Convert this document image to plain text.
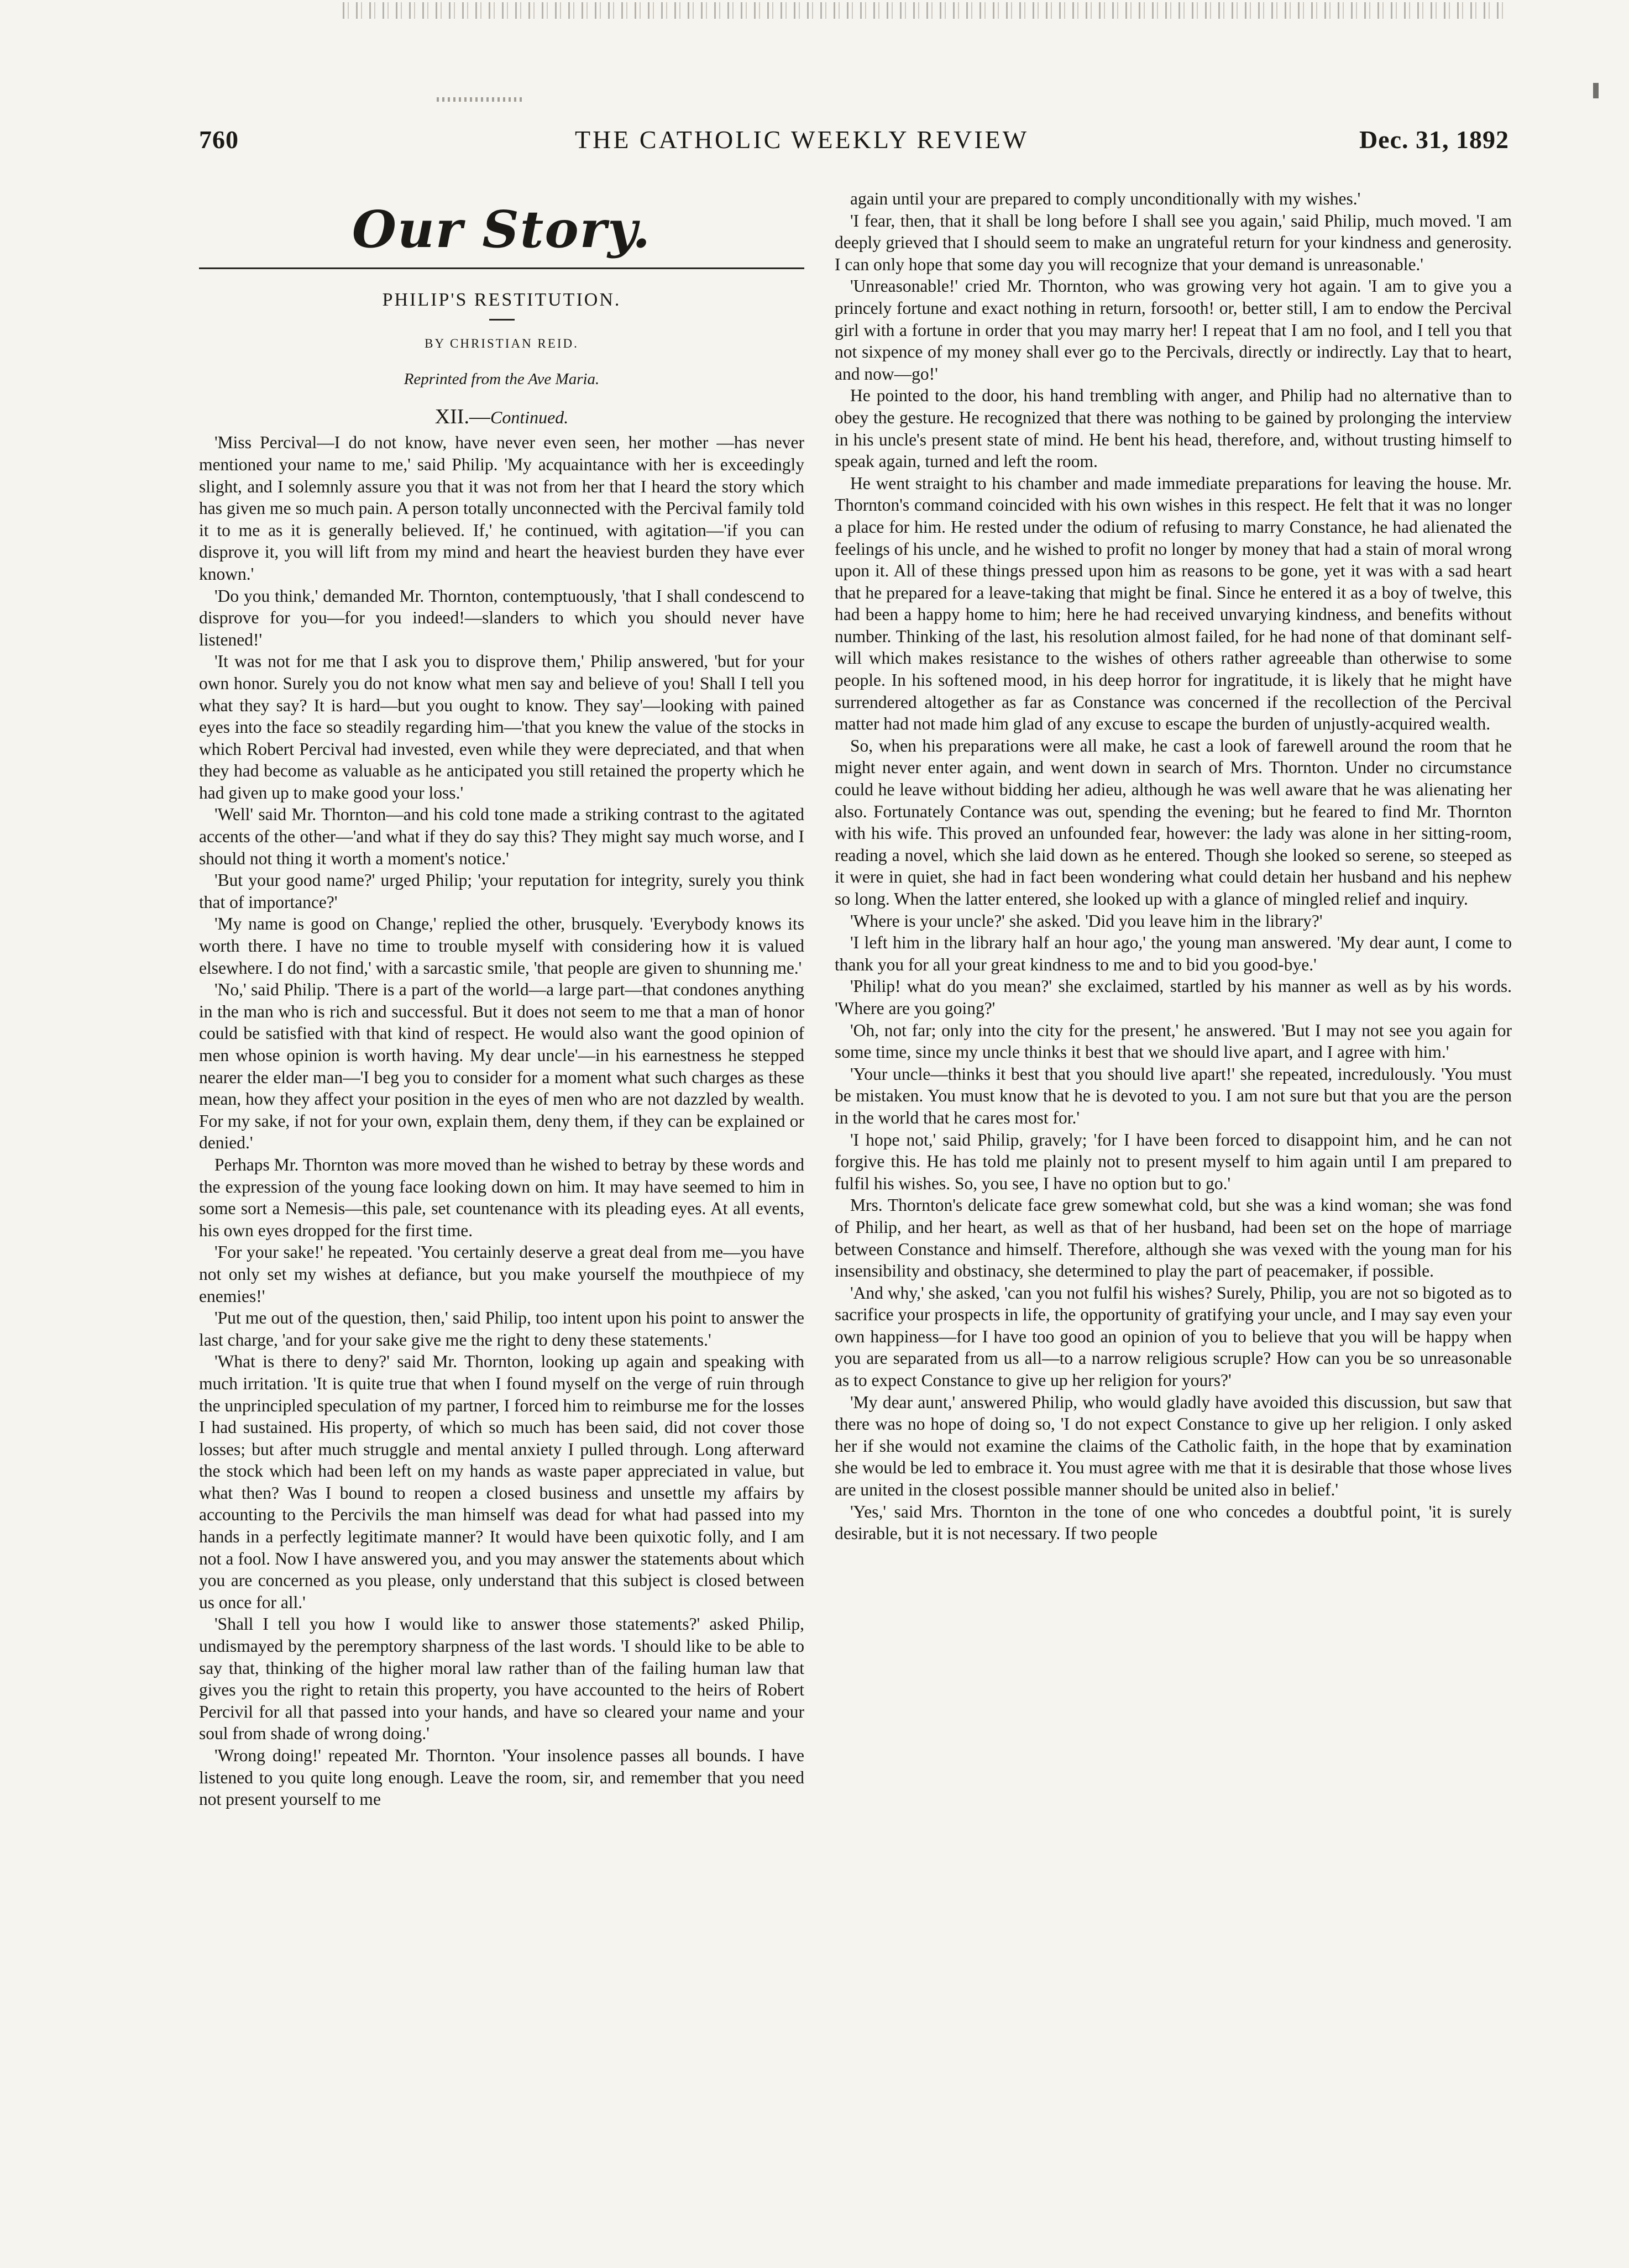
760	THE CATHOLIC WEEKLY REVIEW	Dec. 31, 1892
Our Story.
PHILIP'S RESTITUTION.
BY CHRISTIAN REID.
Reprinted from the Ave Maria.
XII.—Continued.

'Miss Percival—I do not know, have never even seen, her mother —has never mentioned your name to me,' said Philip. 'My acquaintance with her is exceedingly slight, and I solemnly assure you that it was not from her that I heard the story which has given me so much pain. A person totally unconnected with the Percival family told it to me as it is generally believed. If,' he continued, with agitation—'if you can disprove it, you will lift from my mind and heart the heaviest burden they have ever known.'

'Do you think,' demanded Mr. Thornton, contemptuously, 'that I shall condescend to disprove for you—for you indeed!—slanders to which you should never have listened!'

'It was not for me that I ask you to disprove them,' Philip answered, 'but for your own honor. Surely you do not know what men say and believe of you! Shall I tell you what they say? It is hard—but you ought to know. They say'—looking with pained eyes into the face so steadily regarding him—'that you knew the value of the stocks in which Robert Percival had invested, even while they were depreciated, and that when they had become as valuable as he anticipated you still retained the property which he had given up to make good your loss.'

'Well' said Mr. Thornton—and his cold tone made a striking contrast to the agitated accents of the other—'and what if they do say this? They might say much worse, and I should not thing it worth a moment's notice.'

'But your good name?' urged Philip; 'your reputation for integrity, surely you think that of importance?'

'My name is good on Change,' replied the other, brusquely. 'Everybody knows its worth there. I have no time to trouble myself with considering how it is valued elsewhere. I do not find,' with a sarcastic smile, 'that people are given to shunning me.'

'No,' said Philip. 'There is a part of the world—a large part—that condones anything in the man who is rich and successful. But it does not seem to me that a man of honor could be satisfied with that kind of respect. He would also want the good opinion of men whose opinion is worth having. My dear uncle'—in his earnestness he stepped nearer the elder man—'I beg you to consider for a moment what such charges as these mean, how they affect your position in the eyes of men who are not dazzled by wealth. For my sake, if not for your own, explain them, deny them, if they can be explained or denied.'

Perhaps Mr. Thornton was more moved than he wished to betray by these words and the expression of the young face looking down on him. It may have seemed to him in some sort a Nemesis—this pale, set countenance with its pleading eyes. At all events, his own eyes dropped for the first time.

'For your sake!' he repeated. 'You certainly deserve a great deal from me—you have not only set my wishes at defiance, but you make yourself the mouthpiece of my enemies!'

'Put me out of the question, then,' said Philip, too intent upon his point to answer the last charge, 'and for your sake give me the right to deny these statements.'

'What is there to deny?' said Mr. Thornton, looking up again and speaking with much irritation. 'It is quite true that when I found myself on the verge of ruin through the unprincipled speculation of my partner, I forced him to reimburse me for the losses I had sustained. His property, of which so much has been said, did not cover those losses; but after much struggle and mental anxiety I pulled through. Long afterward the stock which had been left on my hands as waste paper appreciated in value, but what then? Was I bound to reopen a closed business and unsettle my affairs by accounting to the Percivils the man himself was dead for what had passed into my hands in a perfectly legitimate manner? It would have been quixotic folly, and I am not a fool. Now I have answered you, and you may answer the statements about which you are concerned as you please, only understand that this subject is closed between us once for all.'

'Shall I tell you how I would like to answer those statements?' asked Philip, undismayed by the peremptory sharpness of the last words. 'I should like to be able to say that, thinking of the higher moral law rather than of the failing human law that gives you the right to retain this property, you have accounted to the heirs of Robert Percivil for all that passed into your hands, and have so cleared your name and your soul from shade of wrong doing.'

'Wrong doing!' repeated Mr. Thornton. 'Your insolence passes all bounds. I have listened to you quite long enough. Leave the room, sir, and remember that you need not present yourself to me

again until your are prepared to comply unconditionally with my wishes.'

'I fear, then, that it shall be long before I shall see you again,' said Philip, much moved. 'I am deeply grieved that I should seem to make an ungrateful return for your kindness and generosity. I can only hope that some day you will recognize that your demand is unreasonable.'

'Unreasonable!' cried Mr. Thornton, who was growing very hot again. 'I am to give you a princely fortune and exact nothing in return, forsooth! or, better still, I am to endow the Percival girl with a fortune in order that you may marry her! I repeat that I am no fool, and I tell you that not sixpence of my money shall ever go to the Percivals, directly or indirectly. Lay that to heart, and now—go!'

He pointed to the door, his hand trembling with anger, and Philip had no alternative than to obey the gesture. He recognized that there was nothing to be gained by prolonging the interview in his uncle's present state of mind. He bent his head, therefore, and, without trusting himself to speak again, turned and left the room.

He went straight to his chamber and made immediate preparations for leaving the house. Mr. Thornton's command coincided with his own wishes in this respect. He felt that it was no longer a place for him. He rested under the odium of refusing to marry Constance, he had alienated the feelings of his uncle, and he wished to profit no longer by money that had a stain of moral wrong upon it. All of these things pressed upon him as reasons to be gone, yet it was with a sad heart that he prepared for a leave-taking that might be final. Since he entered it as a boy of twelve, this had been a happy home to him; here he had received unvarying kindness, and benefits without number. Thinking of the last, his resolution almost failed, for he had none of that dominant self-will which makes resistance to the wishes of others rather agreeable than otherwise to some people. In his softened mood, in his deep horror for ingratitude, it is likely that he might have surrendered altogether as far as Constance was concerned if the recollection of the Percival matter had not made him glad of any excuse to escape the burden of unjustly-acquired wealth.

So, when his preparations were all make, he cast a look of farewell around the room that he might never enter again, and went down in search of Mrs. Thornton. Under no circumstance could he leave without bidding her adieu, although he was well aware that he was alienating her also. Fortunately Contance was out, spending the evening; but he feared to find Mr. Thornton with his wife. This proved an unfounded fear, however: the lady was alone in her sitting-room, reading a novel, which she laid down as he entered. Though she looked so serene, so steeped as it were in quiet, she had in fact been wondering what could detain her husband and his nephew so long. When the latter entered, she looked up with a glance of mingled relief and inquiry.

'Where is your uncle?' she asked. 'Did you leave him in the library?'

'I left him in the library half an hour ago,' the young man answered. 'My dear aunt, I come to thank you for all your great kindness to me and to bid you good-bye.'

'Philip! what do you mean?' she exclaimed, startled by his manner as well as by his words. 'Where are you going?'

'Oh, not far; only into the city for the present,' he answered. 'But I may not see you again for some time, since my uncle thinks it best that we should live apart, and I agree with him.'

'Your uncle—thinks it best that you should live apart!' she repeated, incredulously. 'You must be mistaken. You must know that he is devoted to you. I am not sure but that you are the person in the world that he cares most for.'

'I hope not,' said Philip, gravely; 'for I have been forced to disappoint him, and he can not forgive this. He has told me plainly not to present myself to him again until I am prepared to fulfil his wishes. So, you see, I have no option but to go.'

Mrs. Thornton's delicate face grew somewhat cold, but she was a kind woman; she was fond of Philip, and her heart, as well as that of her husband, had been set on the hope of marriage between Constance and himself. Therefore, although she was vexed with the young man for his insensibility and obstinacy, she determined to play the part of peacemaker, if possible.

'And why,' she asked, 'can you not fulfil his wishes? Surely, Philip, you are not so bigoted as to sacrifice your prospects in life, the opportunity of gratifying your uncle, and I may say even your own happiness—for I have too good an opinion of you to believe that you will be happy when you are separated from us all—to a narrow religious scruple? How can you be so unreasonable as to expect Constance to give up her religion for yours?'

'My dear aunt,' answered Philip, who would gladly have avoided this discussion, but saw that there was no hope of doing so, 'I do not expect Constance to give up her religion. I only asked her if she would not examine the claims of the Catholic faith, in the hope that by examination she would be led to embrace it. You must agree with me that it is desirable that those whose lives are united in the closest possible manner should be united also in belief.'

'Yes,' said Mrs. Thornton in the tone of one who concedes a doubtful point, 'it is surely desirable, but it is not necessary. If two people
